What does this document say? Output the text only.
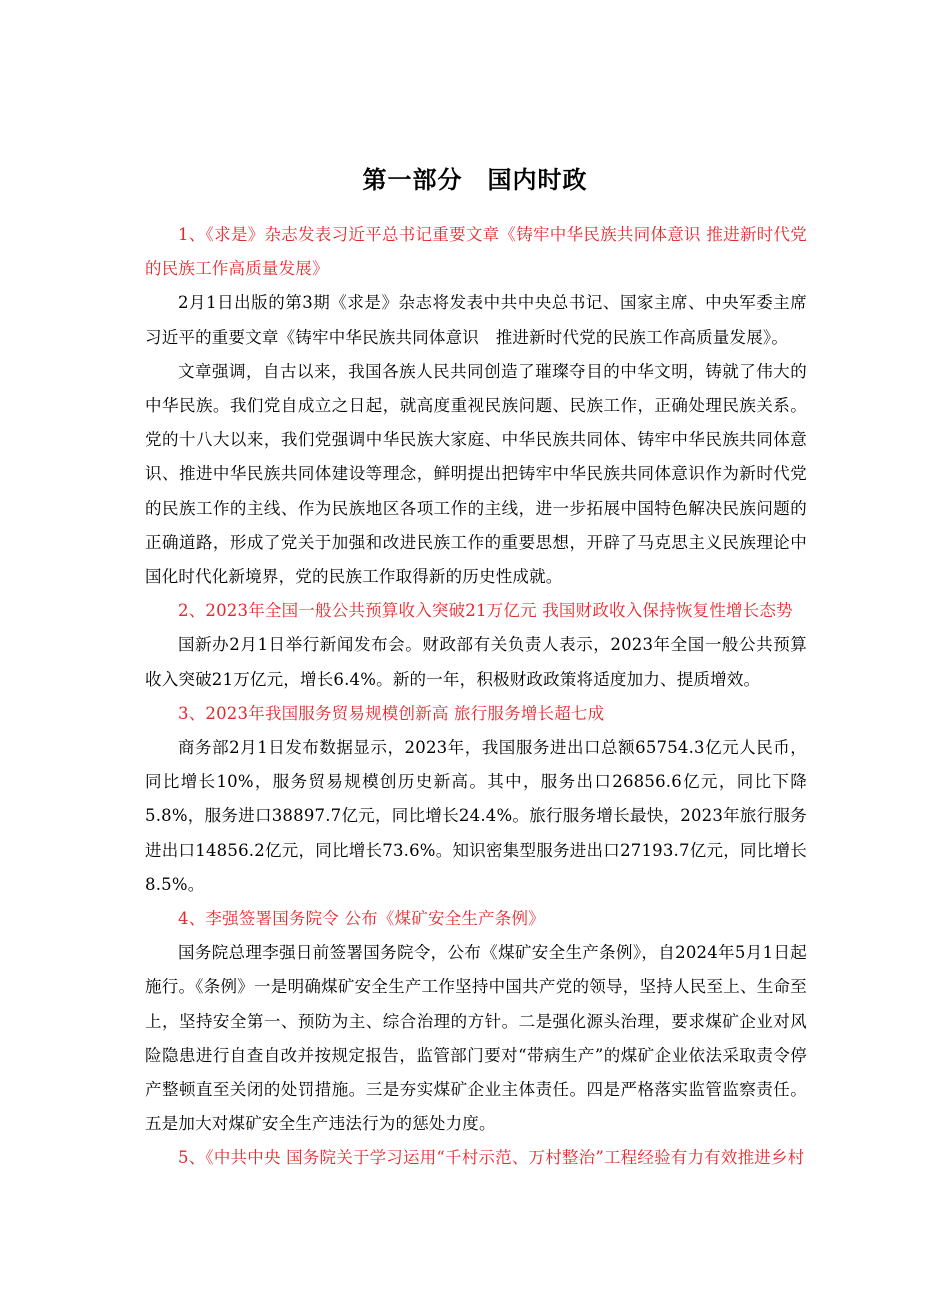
第一部分　国内时政

1、《求是》杂志发表习近平总书记重要文章《铸牢中华民族共同体意识 推进新时代党的民族工作高质量发展》

2月1日出版的第3期《求是》杂志将发表中共中央总书记、国家主席、中央军委主席习近平的重要文章《铸牢中华民族共同体意识　推进新时代党的民族工作高质量发展》。

文章强调，自古以来，我国各族人民共同创造了璀璨夺目的中华文明，铸就了伟大的中华民族。我们党自成立之日起，就高度重视民族问题、民族工作，正确处理民族关系。党的十八大以来，我们党强调中华民族大家庭、中华民族共同体、铸牢中华民族共同体意识、推进中华民族共同体建设等理念，鲜明提出把铸牢中华民族共同体意识作为新时代党的民族工作的主线、作为民族地区各项工作的主线，进一步拓展中国特色解决民族问题的正确道路，形成了党关于加强和改进民族工作的重要思想，开辟了马克思主义民族理论中国化时代化新境界，党的民族工作取得新的历史性成就。

2、2023年全国一般公共预算收入突破21万亿元 我国财政收入保持恢复性增长态势

国新办2月1日举行新闻发布会。财政部有关负责人表示，2023年全国一般公共预算收入突破21万亿元，增长6.4%。新的一年，积极财政政策将适度加力、提质增效。

3、2023年我国服务贸易规模创新高 旅行服务增长超七成

商务部2月1日发布数据显示，2023年，我国服务进出口总额65754.3亿元人民币，同比增长10%，服务贸易规模创历史新高。其中，服务出口26856.6亿元，同比下降5.8%，服务进口38897.7亿元，同比增长24.4%。旅行服务增长最快，2023年旅行服务进出口14856.2亿元，同比增长73.6%。知识密集型服务进出口27193.7亿元，同比增长8.5%。

4、李强签署国务院令 公布《煤矿安全生产条例》

国务院总理李强日前签署国务院令，公布《煤矿安全生产条例》，自2024年5月1日起施行。《条例》一是明确煤矿安全生产工作坚持中国共产党的领导，坚持人民至上、生命至上，坚持安全第一、预防为主、综合治理的方针。二是强化源头治理，要求煤矿企业对风险隐患进行自查自改并按规定报告，监管部门要对“带病生产”的煤矿企业依法采取责令停产整顿直至关闭的处罚措施。三是夯实煤矿企业主体责任。四是严格落实监管监察责任。五是加大对煤矿安全生产违法行为的惩处力度。

5、《中共中央 国务院关于学习运用“千村示范、万村整治”工程经验有力有效推进乡村
